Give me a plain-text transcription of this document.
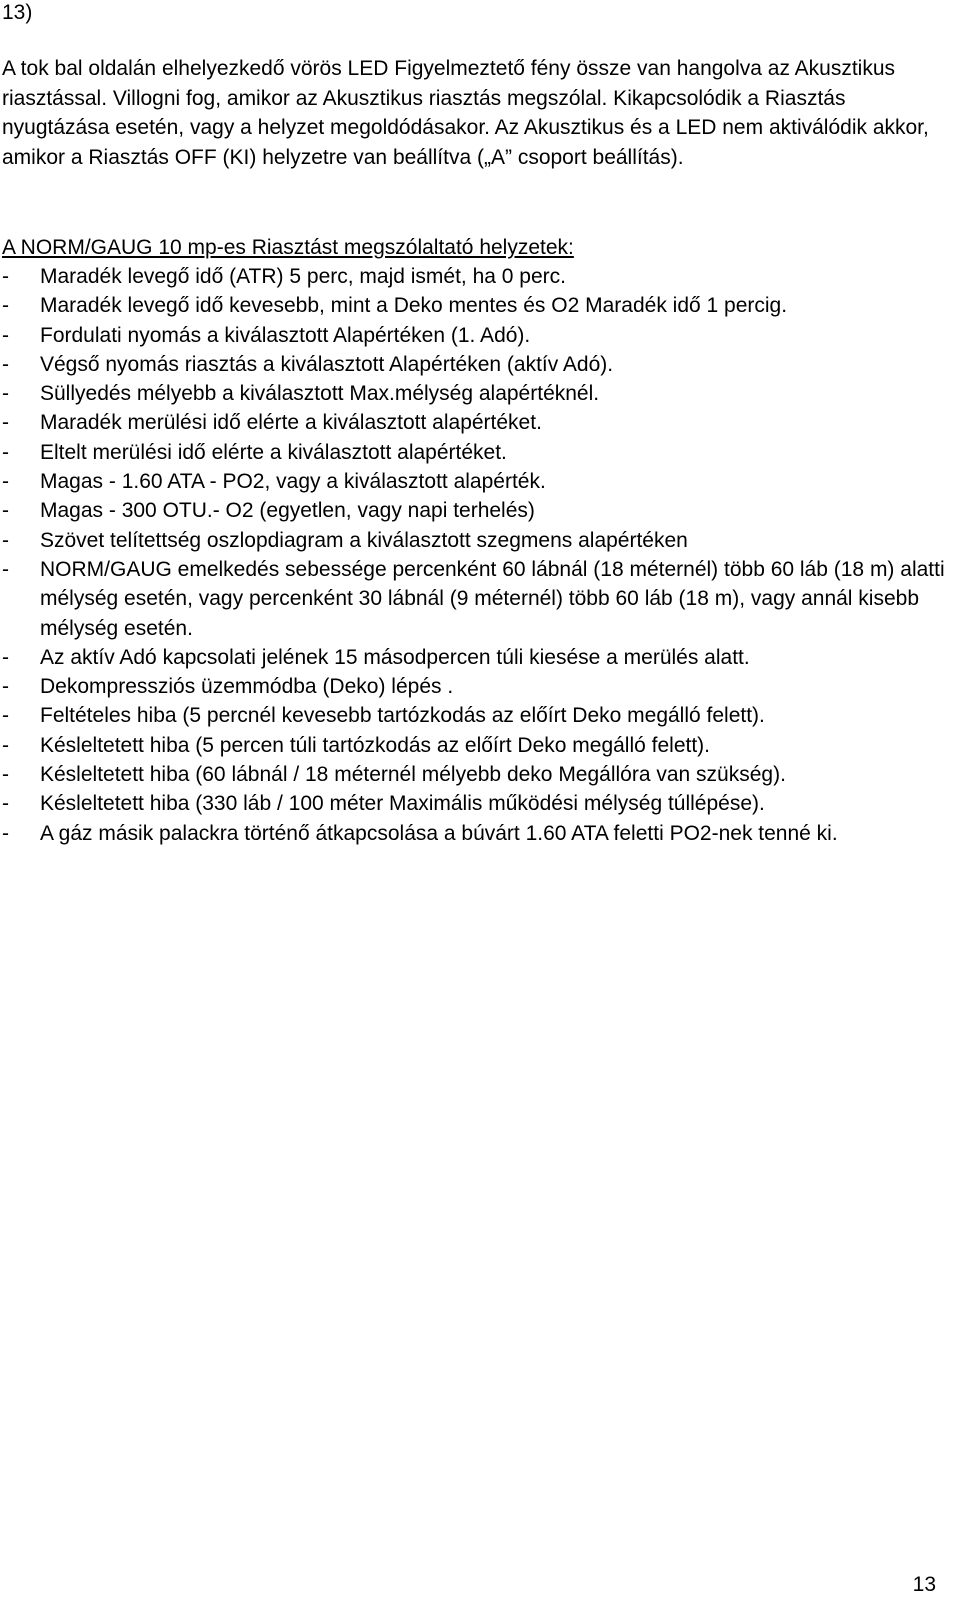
13)

A tok bal oldalán elhelyezkedő vörös LED Figyelmeztető fény össze van hangolva az Akusztikus riasztással. Villogni fog, amikor az Akusztikus riasztás megszólal. Kikapcsolódik a Riasztás nyugtázása esetén, vagy a helyzet megoldódásakor. Az Akusztikus és a LED nem aktiválódik akkor, amikor a Riasztás OFF (KI) helyzetre van beállítva („A” csoport beállítás).

A NORM/GAUG 10 mp-es Riasztást megszólaltató helyzetek:
- Maradék levegő idő (ATR) 5 perc, majd ismét, ha 0 perc.
- Maradék levegő idő kevesebb, mint a Deko mentes és O2 Maradék idő 1 percig.
- Fordulati nyomás a kiválasztott Alapértéken (1. Adó).
- Végső nyomás riasztás a kiválasztott Alapértéken (aktív Adó).
- Süllyedés mélyebb a kiválasztott Max.mélység alapértéknél.
- Maradék merülési idő elérte a kiválasztott alapértéket.
- Eltelt merülési idő elérte a kiválasztott alapértéket.
- Magas - 1.60 ATA - PO2, vagy a kiválasztott alapérték.
- Magas - 300 OTU.- O2 (egyetlen, vagy napi terhelés)
- Szövet telítettség oszlopdiagram a kiválasztott szegmens alapértéken
- NORM/GAUG emelkedés sebessége percenként 60 lábnál (18 méternél) több 60 láb (18 m) alatti mélység esetén, vagy percenként 30 lábnál (9 méternél) több 60 láb (18 m), vagy annál kisebb mélység esetén.
- Az aktív Adó kapcsolati jelének 15 másodpercen túli kiesése a merülés alatt.
- Dekompressziós üzemmódba (Deko) lépés .
- Feltételes hiba (5 percnél kevesebb tartózkodás az előírt Deko megálló felett).
- Késleltetett hiba (5 percen túli tartózkodás az előírt Deko megálló felett).
- Késleltetett hiba (60 lábnál / 18 méternél mélyebb deko Megállóra van szükség).
- Késleltetett hiba (330 láb / 100 méter Maximális működési mélység túllépése).
- A gáz másik palackra történő átkapcsolása a búvárt 1.60 ATA feletti PO2-nek tenné ki.
13
